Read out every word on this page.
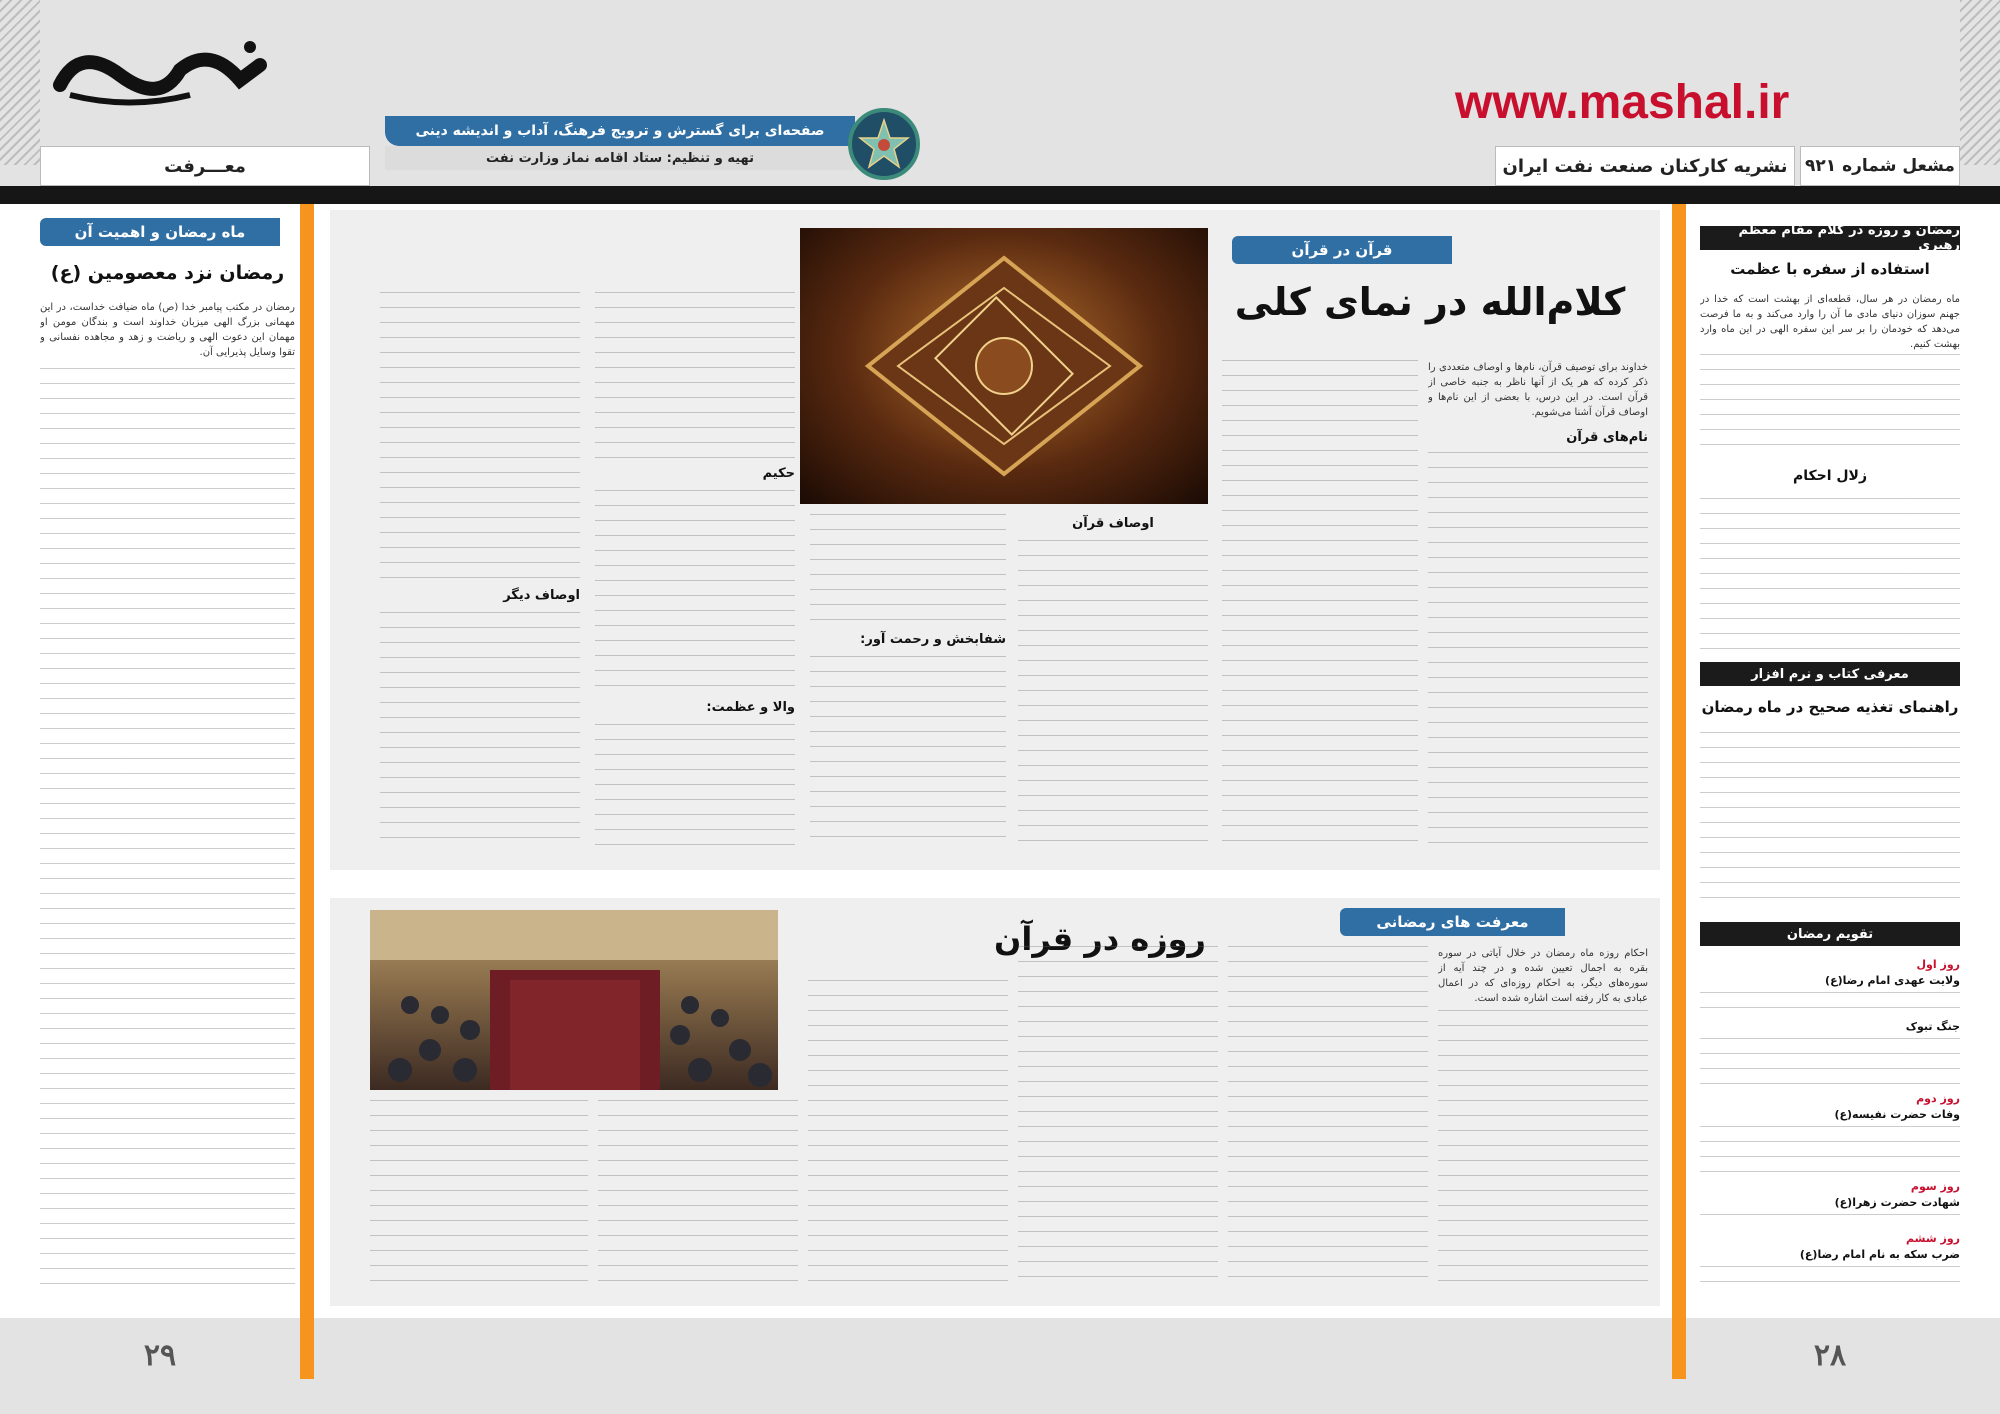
معـــرفت
صفحه‌ای برای گسترش و ترویج فرهنگ، آداب و اندیشه دینی
تهیه و تنظیم: ستاد اقامه نماز وزارت نفت
www.mashal.ir
نشریه کارکنان صنعت نفت ایران	مشعل شماره ۹۲۱
ماه رمضان و اهمیت آن
رمضان نزد معصومین (ع)
رمضان در مکتب پیامبر خدا (ص) ماه ضیافت خداست، در این مهمانی بزرگ الهی میزبان خداوند است و بندگان مومن او مهمان این دعوت الهی و ریاضت و زهد و مجاهده نفسانی و تقوا وسایل پذیرایی آن.
قرآن در قرآن
کلام‌الله در نمای کلی
خداوند برای توصیف قرآن، نام‌ها و اوصاف متعددی را ذکر کرده که هر یک از آنها ناظر به جنبه خاصی از قرآن است. در این درس، با بعضی از این نام‌ها و اوصاف قرآن آشنا می‌شویم.
نام‌های قرآن
اوصاف قرآن
شفابخش و رحمت آور:
حکیم
والا و عظمت:
اوصاف دیگر
معرفت های رمضانی
روزه در قرآن	احکام روزه ماه رمضان در خلال آیاتی در سوره بقره به اجمال تعیین شده و در چند آیه از سوره‌های دیگر، به احکام روزه‌ای که در اعمال عبادی به کار رفته است اشاره شده است.
رمضان و روزه در کلام مقام معظم رهبری
استفاده از سفره با عظمت
ماه رمضان در هر سال، قطعه‌ای از بهشت است که خدا در جهنم سوزان دنیای مادی ما آن را وارد می‌کند و به ما فرصت می‌دهد که خودمان را بر سر این سفره الهی در این ماه وارد بهشت کنیم.
زلال احکام
معرفی کتاب و نرم افزار
راهنمای تغذیه صحیح در ماه رمضان
تقویم رمضان
روز اول
ولایت عهدی امام رضا(ع)
جنگ تبوک
روز دوم
وفات حضرت نفیسه(ع)
روز سوم
شهادت حضرت زهرا(ع)
روز ششم
ضرب سکه به نام امام رضا(ع)
۲۹	۲۸
